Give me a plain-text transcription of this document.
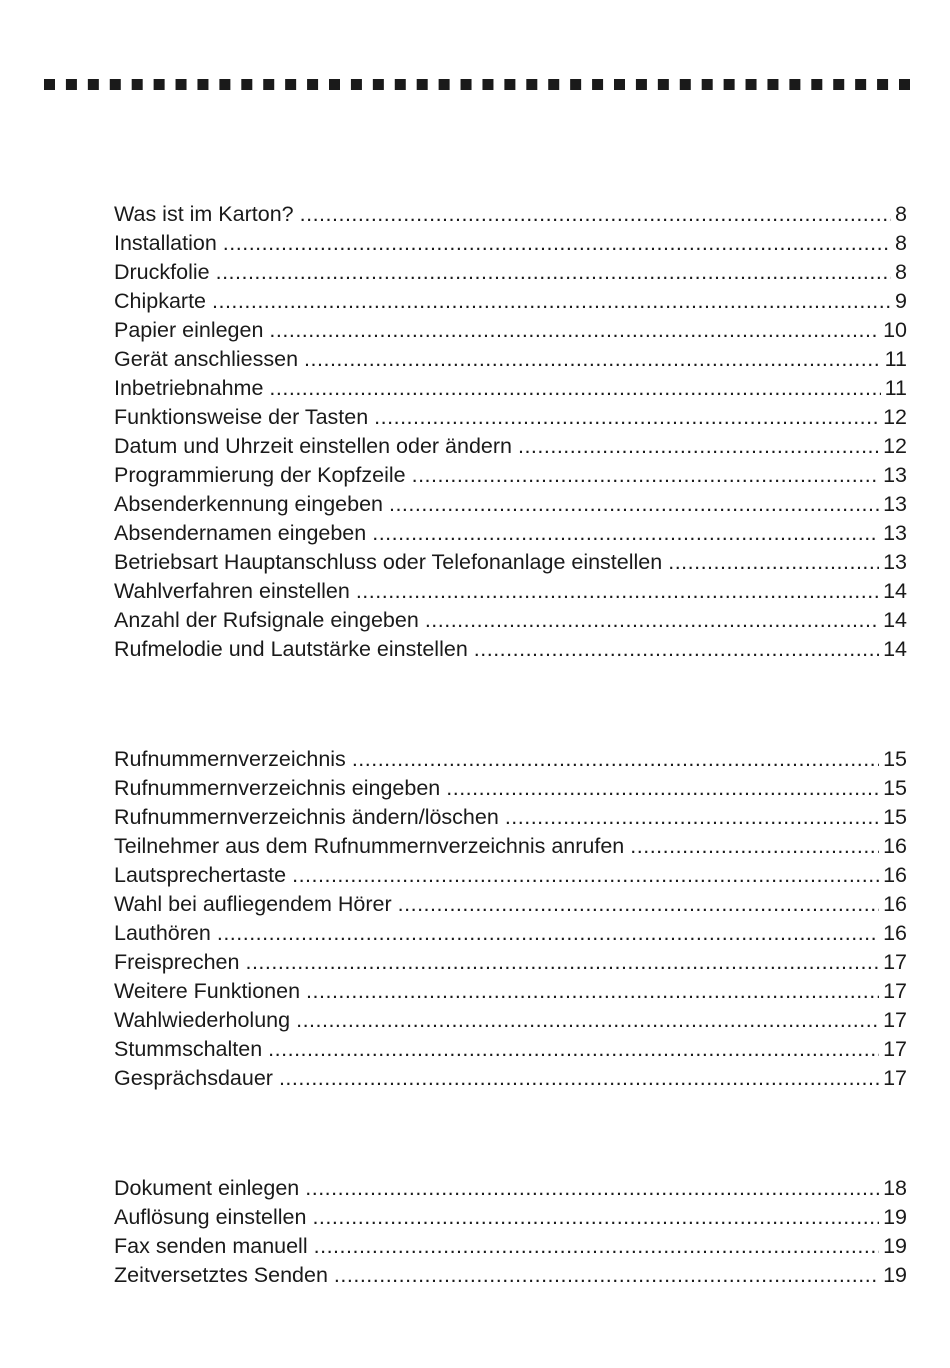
Was ist im Karton? .....	8
Installation .....	8
Druckfolie .....	8
Chipkarte .....	9
Papier einlegen .....	10
Gerät anschliessen .....	11
Inbetriebnahme .....	11
Funktionsweise der Tasten .....	12
Datum und Uhrzeit einstellen oder ändern .....	12
Programmierung der Kopfzeile .....	13
Absenderkennung eingeben .....	13
Absendernamen eingeben .....	13
Betriebsart Hauptanschluss oder Telefonanlage einstellen .....	13
Wahlverfahren einstellen .....	14
Anzahl der Rufsignale eingeben .....	14
Rufmelodie und Lautstärke einstellen .....	14
Rufnummernverzeichnis .....	15
Rufnummernverzeichnis eingeben .....	15
Rufnummernverzeichnis ändern/löschen .....	15
Teilnehmer aus dem Rufnummernverzeichnis anrufen .....	16
Lautsprechertaste .....	16
Wahl bei aufliegendem Hörer .....	16
Lauthören .....	16
Freisprechen .....	17
Weitere Funktionen .....	17
Wahlwiederholung .....	17
Stummschalten .....	17
Gesprächsdauer .....	17
Dokument einlegen .....	18
Auflösung einstellen .....	19
Fax senden manuell .....	19
Zeitversetztes Senden .....	19
